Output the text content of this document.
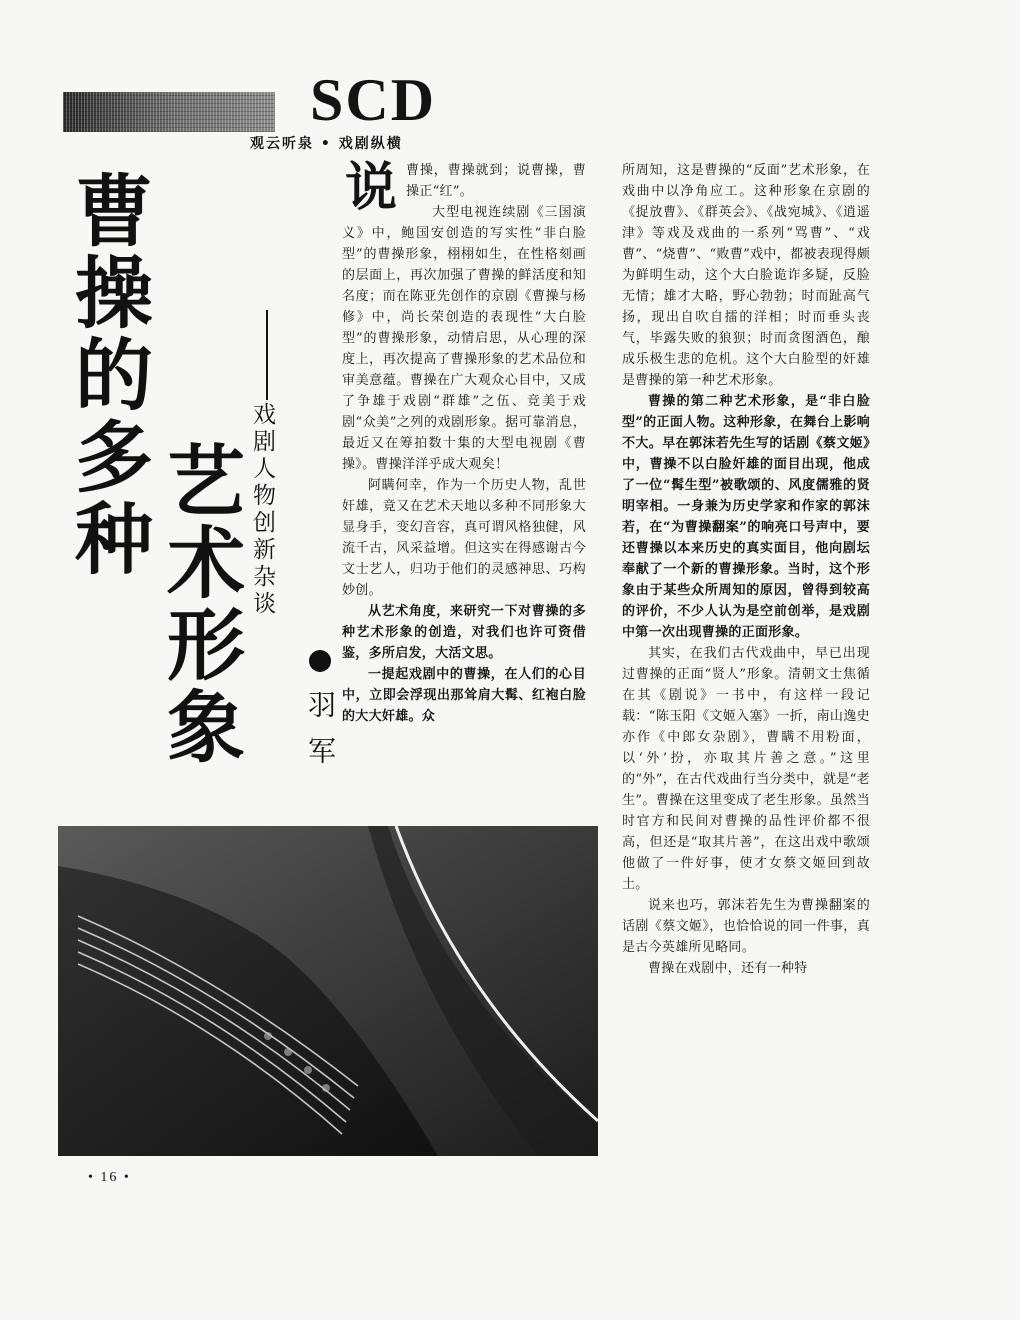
SCD
观云听泉 • 戏剧纵横
曹操的多种
艺术形象 戏剧人物创新杂谈
羽军
说 曹操，曹操就到；说曹操，曹操正“红”。

大型电视连续剧《三国演义》中，鲍国安创造的写实性“非白脸型”的曹操形象，栩栩如生，在性格刻画的层面上，再次加强了曹操的鲜活度和知名度；而在陈亚先创作的京剧《曹操与杨修》中，尚长荣创造的表现性“大白脸型”的曹操形象，动情启思，从心理的深度上，再次提高了曹操形象的艺术品位和审美意蕴。曹操在广大观众心目中，又成了争雄于戏剧“群雄”之伍、竞美于戏剧“众美”之列的戏剧形象。据可靠消息，最近又在筹拍数十集的大型电视剧《曹操》。曹操洋洋乎成大观矣！

阿瞒何幸，作为一个历史人物，乱世奸雄，竟又在艺术天地以多种不同形象大显身手，变幻音容，真可谓风格独健，风流千古，风采益增。但这实在得感谢古今文士艺人，归功于他们的灵感神思、巧构妙创。

从艺术角度，来研究一下对曹操的多种艺术形象的创造，对我们也许可资借鉴，多所启发，大活文思。

一提起戏剧中的曹操，在人们的心目中，立即会浮现出那耸肩大髯、红袍白脸的大大奸雄。众

所周知，这是曹操的“反面”艺术形象，在戏曲中以净角应工。这种形象在京剧的《捉放曹》、《群英会》、《战宛城》、《逍遥津》等戏及戏曲的一系列“骂曹”、“戏曹”、“烧曹”、“败曹”戏中，都被表现得颇为鲜明生动，这个大白脸诡诈多疑，反脸无情；雄才大略，野心勃勃；时而趾高气扬，现出自吹自擂的洋相；时而垂头丧气，毕露失败的狼狈；时而贪图酒色，酿成乐极生悲的危机。这个大白脸型的奸雄是曹操的第一种艺术形象。

曹操的第二种艺术形象，是“非白脸型”的正面人物。这种形象，在舞台上影响不大。早在郭沫若先生写的话剧《蔡文姬》中，曹操不以白脸奸雄的面目出现，他成了一位“髯生型”被歌颂的、风度儒雅的贤明宰相。一身兼为历史学家和作家的郭沫若，在“为曹操翻案”的响亮口号声中，要还曹操以本来历史的真实面目，他向剧坛奉献了一个新的曹操形象。当时，这个形象由于某些众所周知的原因，曾得到较高的评价，不少人认为是空前创举，是戏剧中第一次出现曹操的正面形象。

其实，在我们古代戏曲中，早已出现过曹操的正面“贤人”形象。清朝文士焦循在其《剧说》一书中，有这样一段记载：“陈玉阳《文姬入塞》一折，南山逸史亦作《中郎女杂剧》，曹瞒不用粉面，以‘外’扮，亦取其片善之意。”这里的“外”，在古代戏曲行当分类中，就是“老生”。曹操在这里变成了老生形象。虽然当时官方和民间对曹操的品性评价都不很高，但还是“取其片善”，在这出戏中歌颂他做了一件好事，使才女蔡文姬回到故土。

说来也巧，郭沫若先生为曹操翻案的话剧《蔡文姬》，也恰恰说的同一件事，真是古今英雄所见略同。

曹操在戏剧中，还有一种特

• 16 •
